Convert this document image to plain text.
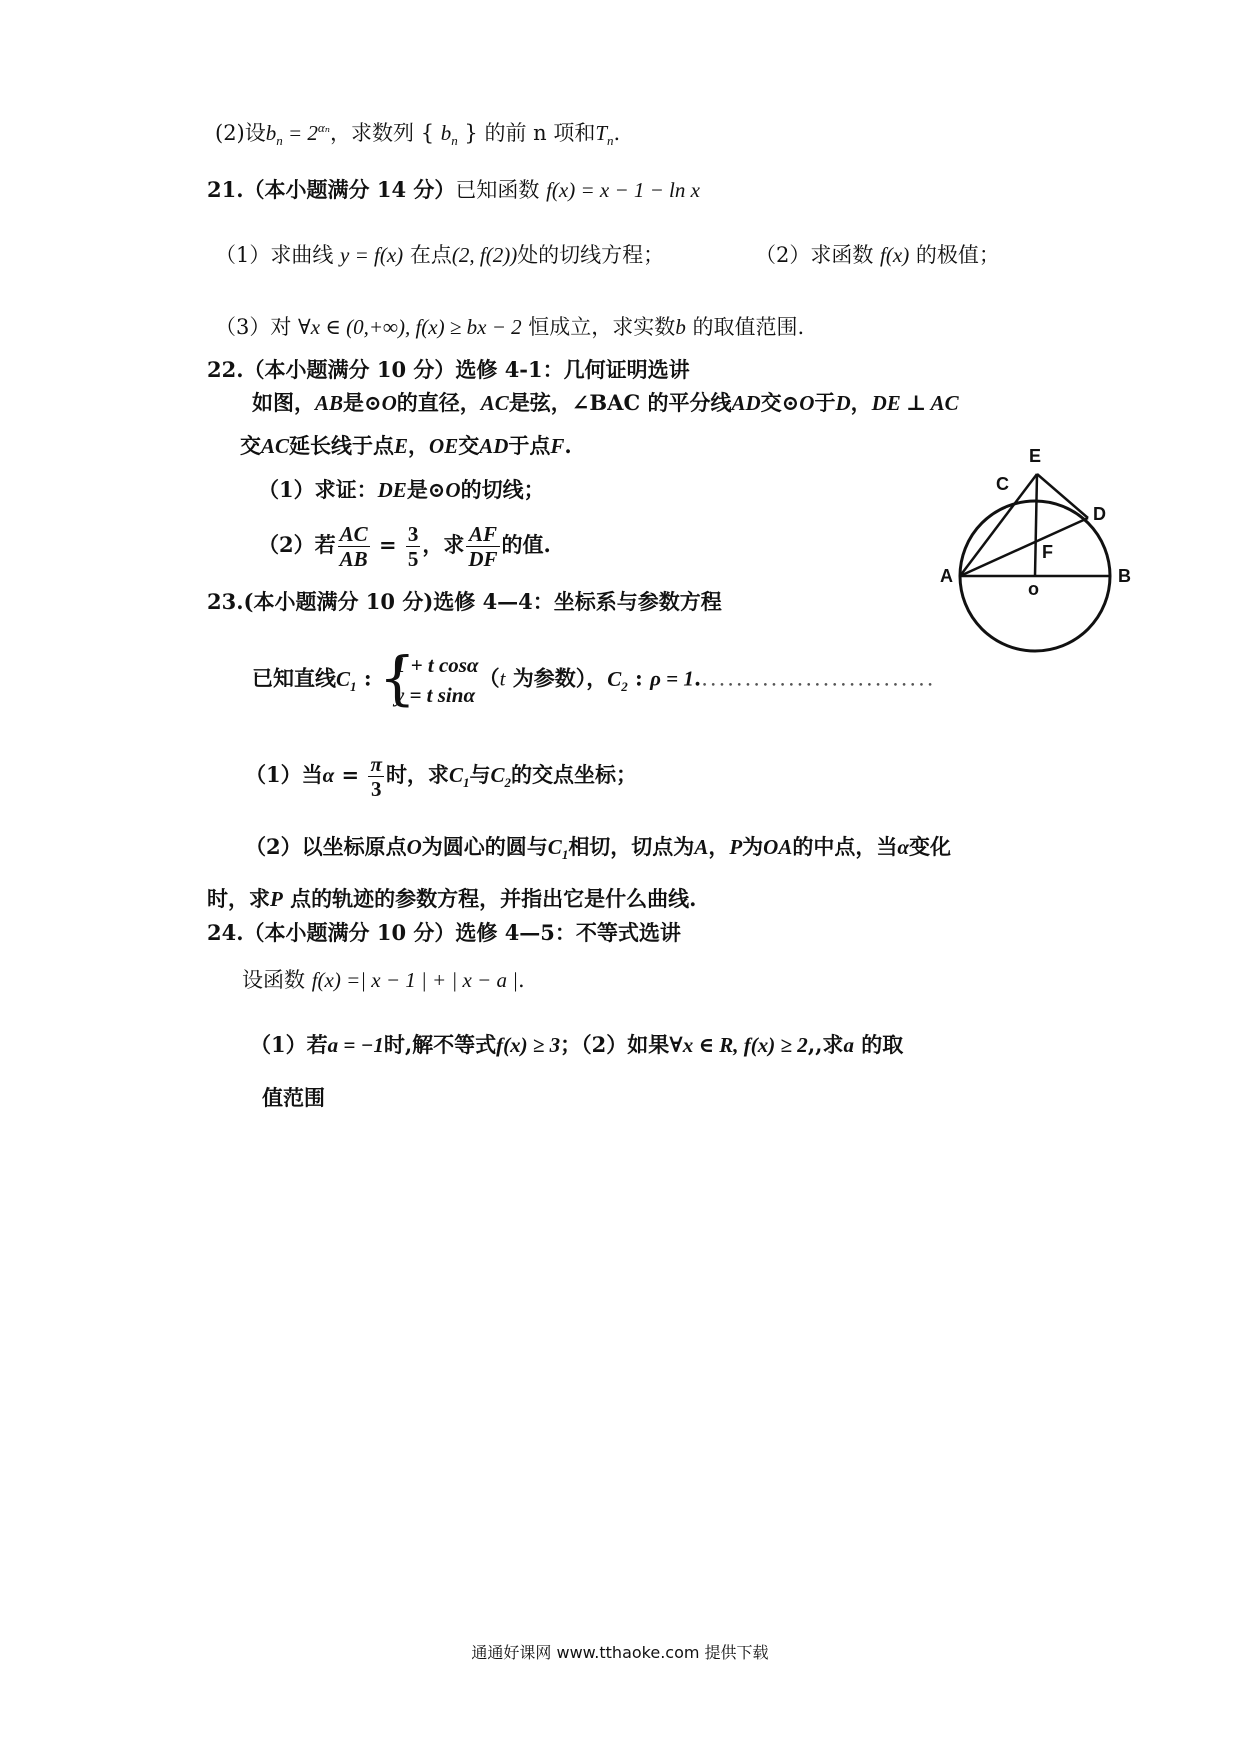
(2)设$b_n = 2^{\alpha_n}$，求数列 { $b_n$ } 的前 n 项和$T_n$.
21.（本小题满分 14 分）已知函数 f(x) = x − 1 − ln x
（1）求曲线 y = f(x) 在点(2, f(2))处的切线方程；	（2）求函数 f(x) 的极值；
（3）对 ∀x ∈ (0,+∞), f(x) ≥ bx − 2 恒成立，求实数b 的取值范围.
22.（本小题满分 10 分）选修 4-1：几何证明选讲
如图，AB是⊙O的直径，AC是弦，∠BAC 的平分线AD交⊙O于D，DE ⊥ AC
交AC延长线于点E，OE交AD于点F.
（1）求证：DE是⊙O的切线；
（2）若 $\frac{AC}{AB} = \frac{3}{5}$ ，求 $\frac{AF}{DF}$ 的值.
E
C
D
F
A	B
o
23.(本小题满分 10 分)选修 4—4：坐标系与参数方程
已知直线$C_1$ : {
1 + t cosα
y = t sinα
（t 为参数），$C_2$ : ρ = 1............................
（1）当$\alpha = \frac{\pi}{3}$ 时，求$C_1$与$C_2$的交点坐标；
（2）以坐标原点O为圆心的圆与$C_1$相切，切点为A，P为OA的中点，当α变化
时，求P 点的轨迹的参数方程，并指出它是什么曲线.
24.（本小题满分 10 分）选修 4—5：不等式选讲
设函数 f(x) =| x − 1 | + | x − a |.
（1）若a = −1时,解不等式f(x) ≥ 3；（2）如果∀x ∈ R, f(x) ≥ 2,,求a 的取
值范围
通通好课网 www.tthaoke.com 提供下载
